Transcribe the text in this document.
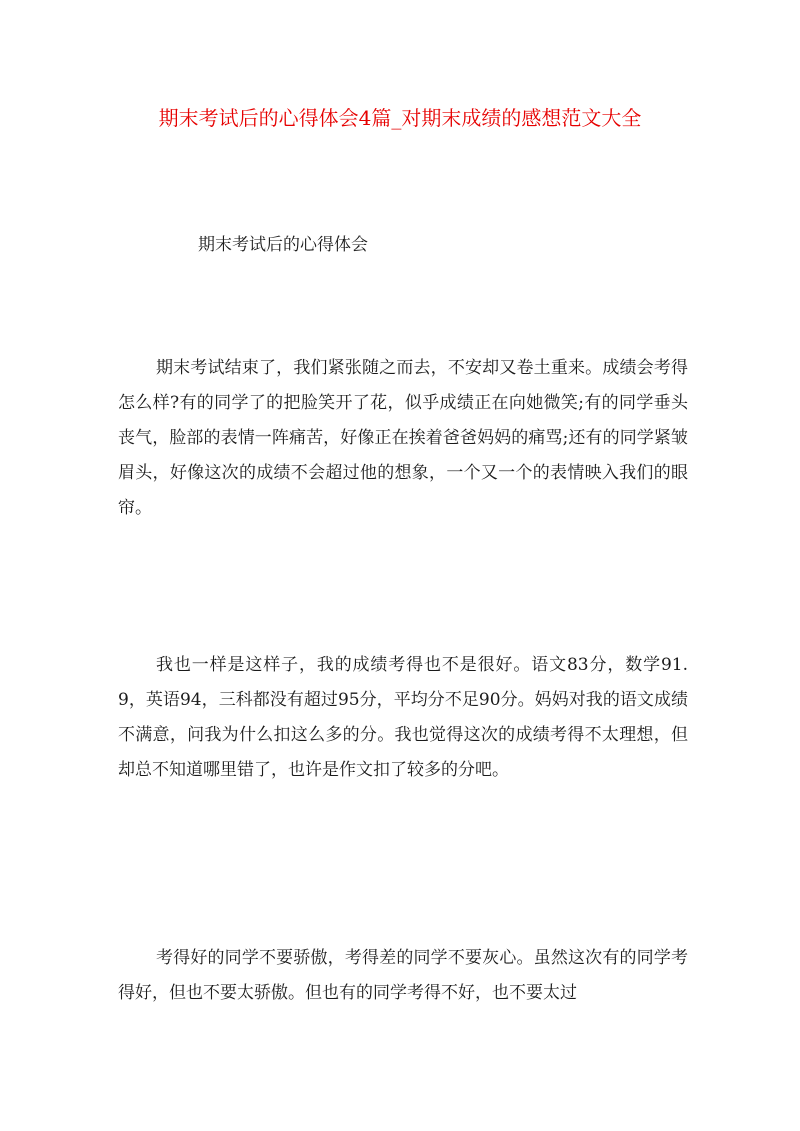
期末考试后的心得体会4篇_对期末成绩的感想范文大全
期末考试后的心得体会

期末考试结束了，我们紧张随之而去，不安却又卷土重来。成绩会考得怎么样?有的同学了的把脸笑开了花，似乎成绩正在向她微笑;有的同学垂头丧气，脸部的表情一阵痛苦，好像正在挨着爸爸妈妈的痛骂;还有的同学紧皱眉头，好像这次的成绩不会超过他的想象，一个又一个的表情映入我们的眼帘。

我也一样是这样子，我的成绩考得也不是很好。语文83分，数学91.9，英语94，三科都没有超过95分，平均分不足90分。妈妈对我的语文成绩不满意，问我为什么扣这么多的分。我也觉得这次的成绩考得不太理想，但却总不知道哪里错了，也许是作文扣了较多的分吧。

考得好的同学不要骄傲，考得差的同学不要灰心。虽然这次有的同学考得好，但也不要太骄傲。但也有的同学考得不好，也不要太过
